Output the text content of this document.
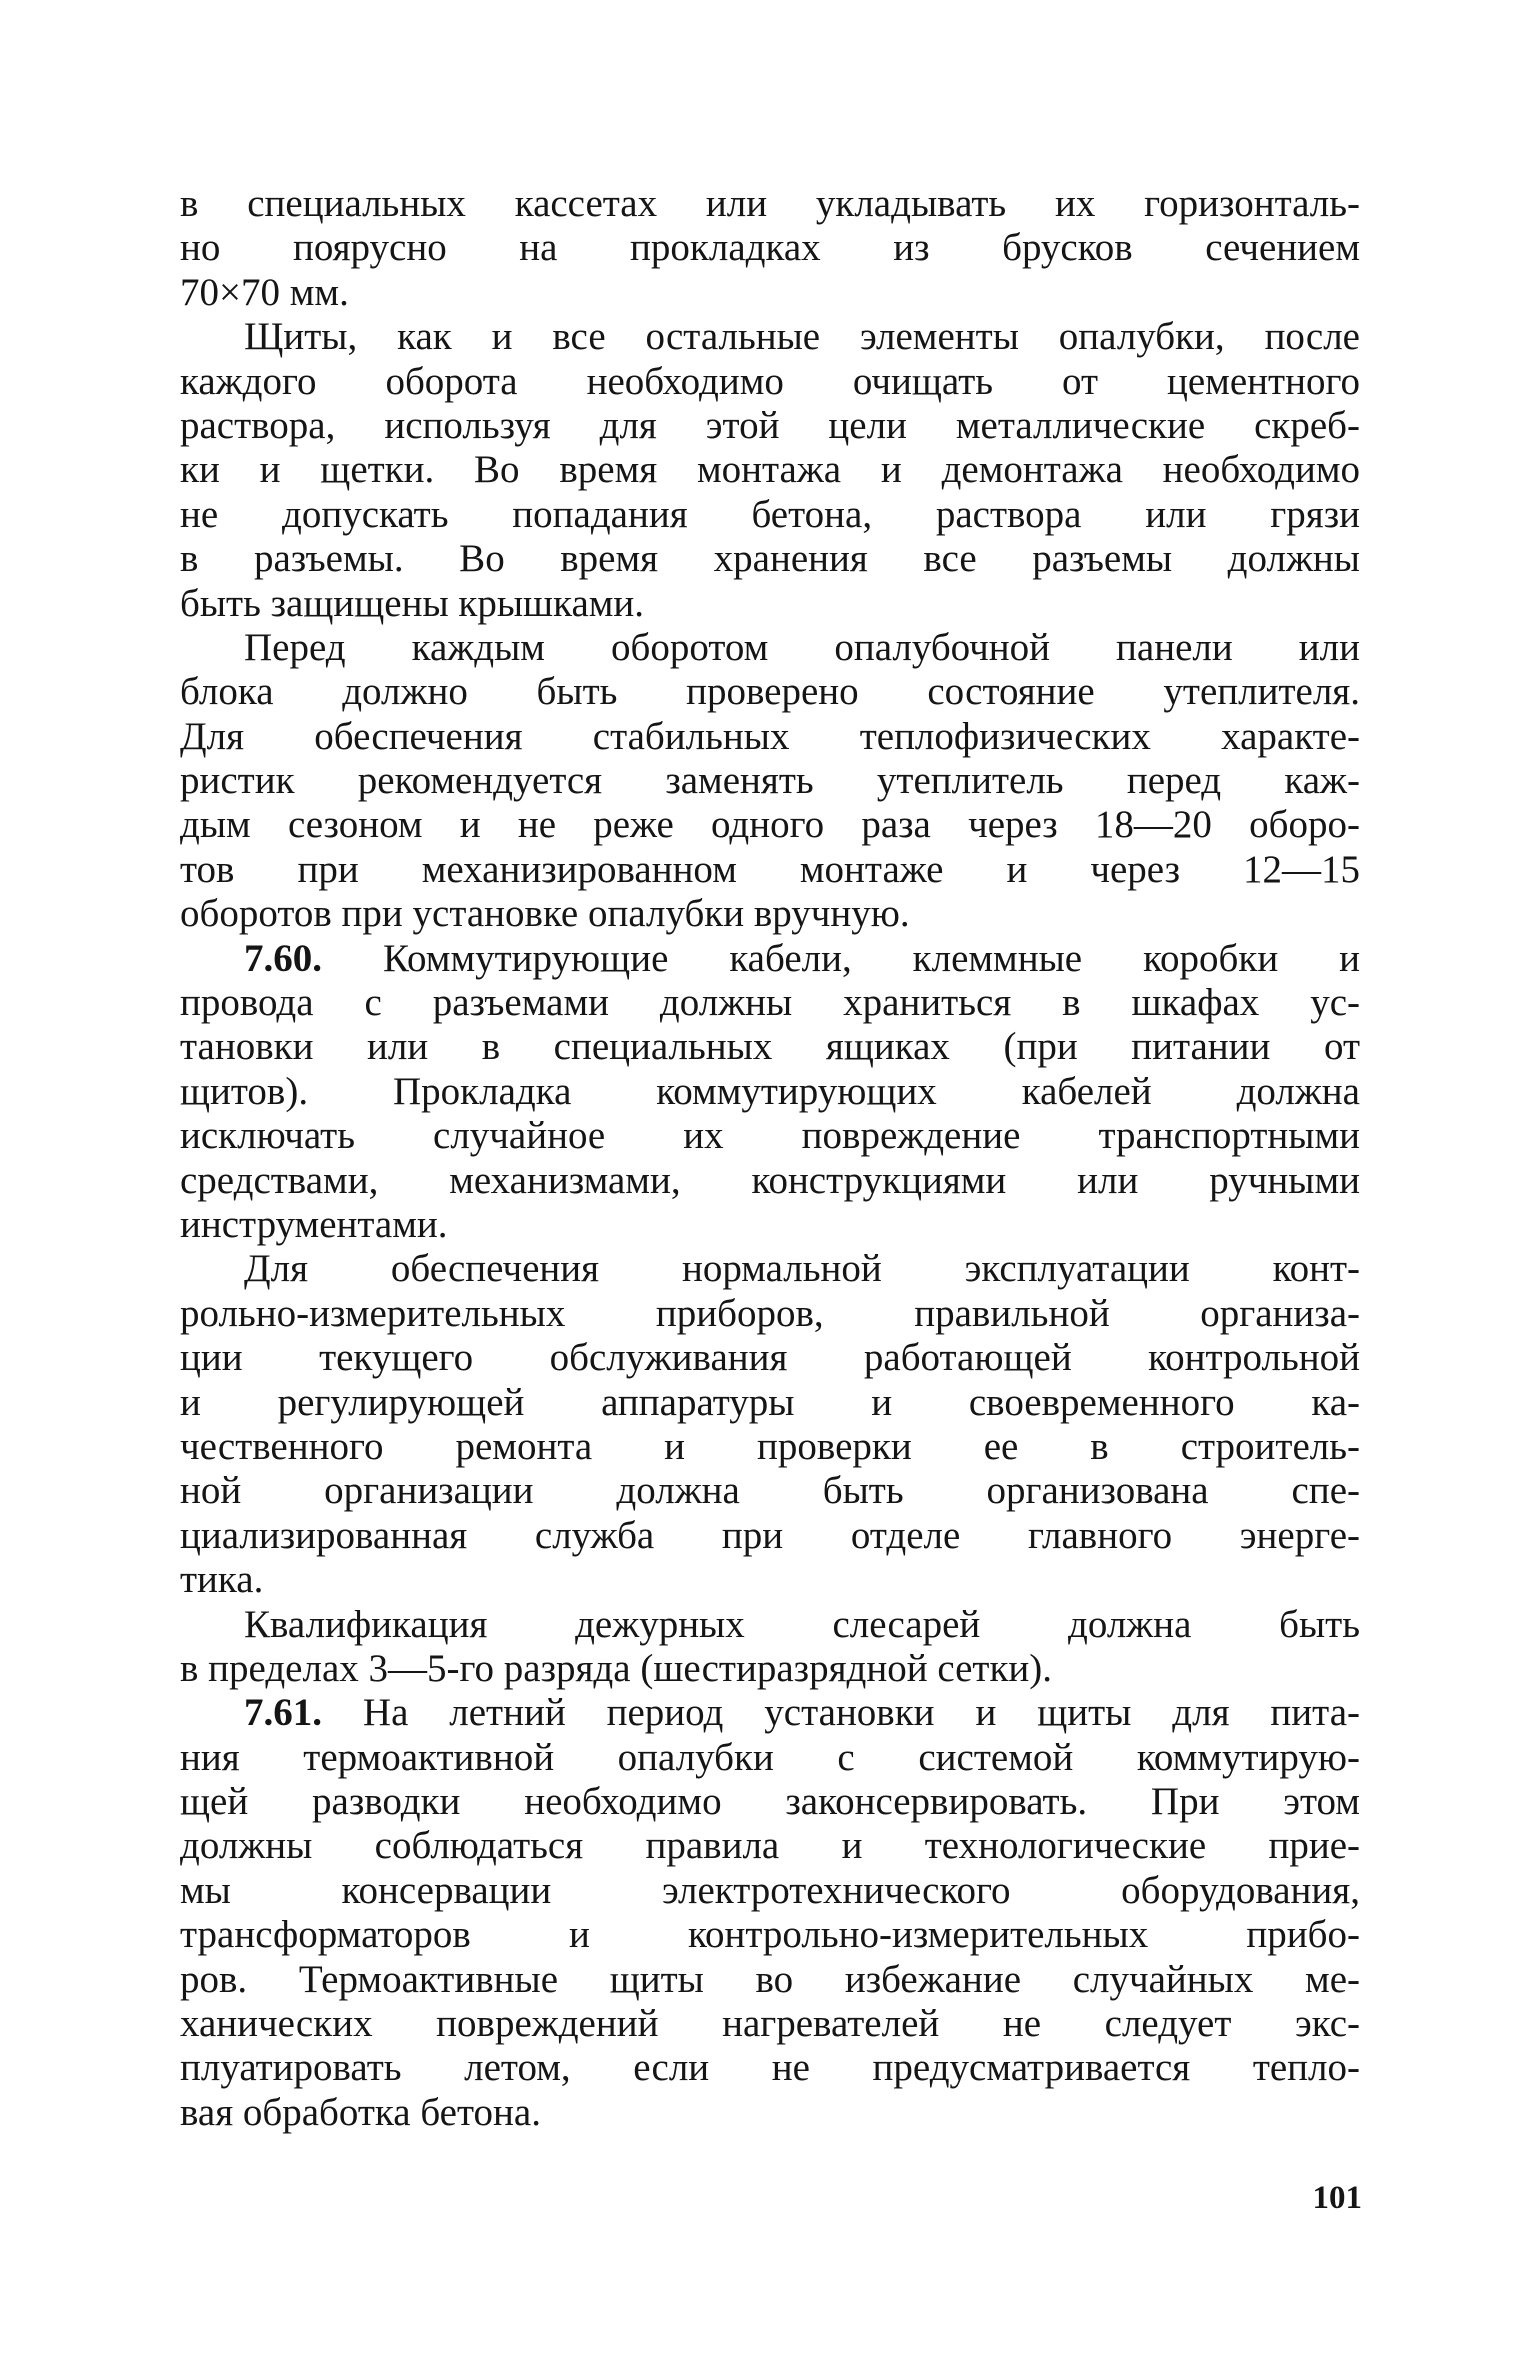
в специальных кассетах или укладывать их горизонталь-
но поярусно на прокладках из брусков сечением
70×70 мм.
Щиты, как и все остальные элементы опалубки, после
каждого оборота необходимо очищать от цементного
раствора, используя для этой цели металлические скреб-
ки и щетки. Во время монтажа и демонтажа необходимо
не допускать попадания бетона, раствора или грязи
в разъемы. Во время хранения все разъемы должны
быть защищены крышками.
Перед каждым оборотом опалубочной панели или
блока должно быть проверено состояние утеплителя.
Для обеспечения стабильных теплофизических характе-
ристик рекомендуется заменять утеплитель перед каж-
дым сезоном и не реже одного раза через 18—20 оборо-
тов при механизированном монтаже и через 12—15
оборотов при установке опалубки вручную.
7.60. Коммутирующие кабели, клеммные коробки и
провода с разъемами должны храниться в шкафах ус-
тановки или в специальных ящиках (при питании от
щитов). Прокладка коммутирующих кабелей должна
исключать случайное их повреждение транспортными
средствами, механизмами, конструкциями или ручными
инструментами.
Для обеспечения нормальной эксплуатации конт-
рольно-измерительных приборов, правильной организа-
ции текущего обслуживания работающей контрольной
и регулирующей аппаратуры и своевременного ка-
чественного ремонта и проверки ее в строитель-
ной организации должна быть организована спе-
циализированная служба при отделе главного энерге-
тика.
Квалификация дежурных слесарей должна быть
в пределах 3—5-го разряда (шестиразрядной сетки).
7.61. На летний период установки и щиты для пита-
ния термоактивной опалубки с системой коммутирую-
щей разводки необходимо законсервировать. При этом
должны соблюдаться правила и технологические прие-
мы консервации электротехнического оборудования,
трансформаторов и контрольно-измерительных прибо-
ров. Термоактивные щиты во избежание случайных ме-
ханических повреждений нагревателей не следует экс-
плуатировать летом, если не предусматривается тепло-
вая обработка бетона.
101
